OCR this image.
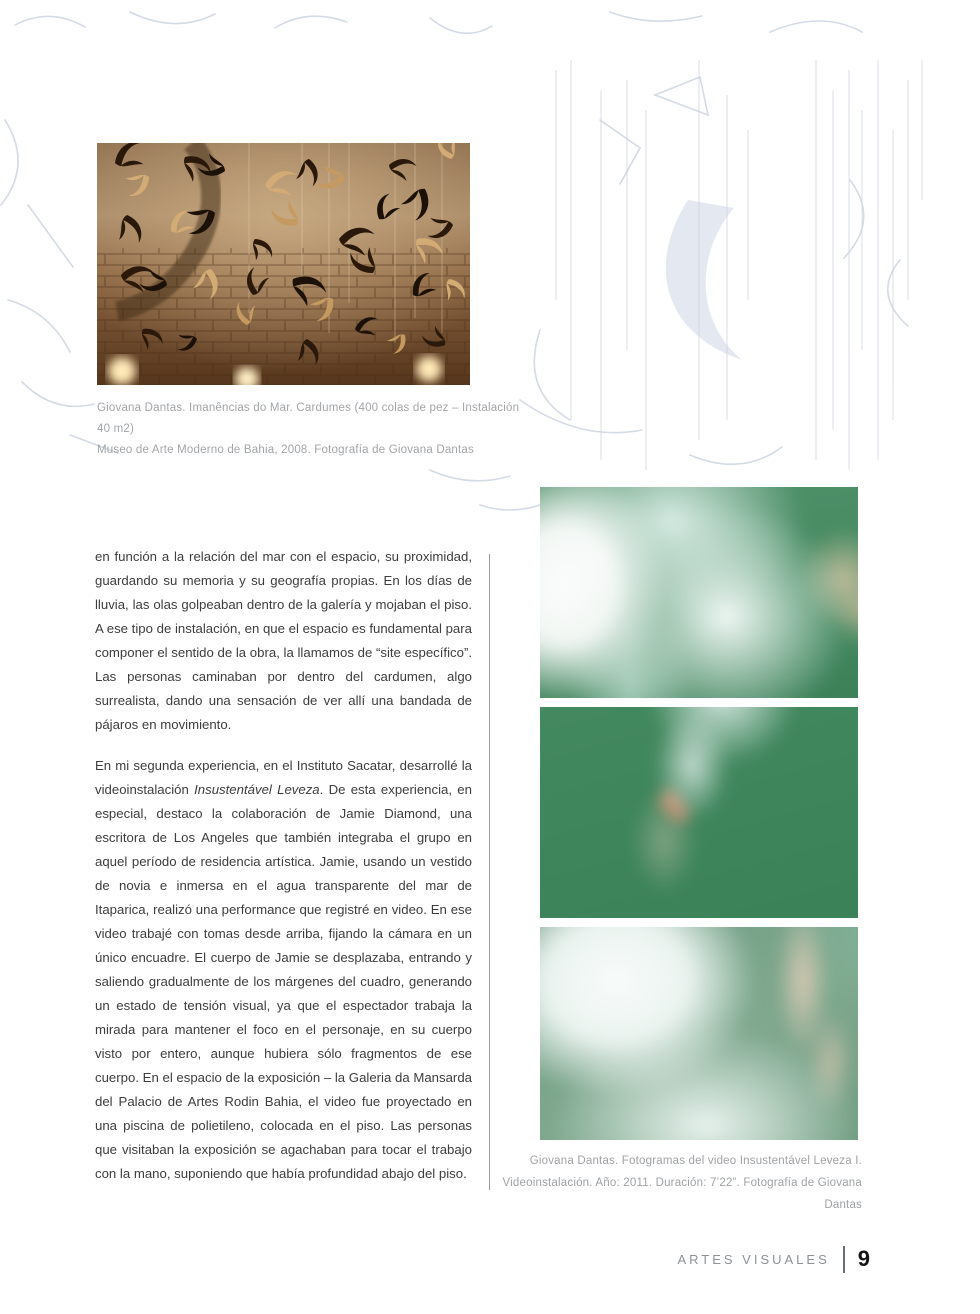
Giovana Dantas. Imanências do Mar. Cardumes (400 colas de pez – Instalación 40 m2)
Museo de Arte Moderno de Bahia, 2008. Fotografía de Giovana Dantas

en función a la relación del mar con el espacio, su proximidad, guardando su memoria y su geografía propias. En los días de lluvia, las olas golpeaban dentro de la galería y mojaban el piso. A ese tipo de instalación, en que el espacio es fundamental para componer el sentido de la obra, la llamamos de “site específico”. Las personas caminaban por dentro del cardumen, algo surrealista, dando una sensación de ver allí una bandada de pájaros en movimiento.

En mi segunda experiencia, en el Instituto Sacatar, desarrollé la videoinstalación Insustentável Leveza. De esta experiencia, en especial, destaco la colaboración de Jamie Diamond, una escritora de Los Angeles que también integraba el grupo en aquel período de residencia artística. Jamie, usando un vestido de novia e inmersa en el agua transparente del mar de Itaparica, realizó una performance que registré en video. En ese video trabajé con tomas desde arriba, fijando la cámara en un único encuadre. El cuerpo de Jamie se desplazaba, entrando y saliendo gradualmente de los márgenes del cuadro, generando un estado de tensión visual, ya que el espectador trabaja la mirada para mantener el foco en el personaje, en su cuerpo visto por entero, aunque hubiera sólo fragmentos de ese cuerpo. En el espacio de la exposición – la Galeria da Mansarda del Palacio de Artes Rodin Bahia, el video fue proyectado en una piscina de polietileno, colocada en el piso. Las personas que visitaban la exposición se agachaban para tocar el trabajo con la mano, suponiendo que había profundidad abajo del piso.

Giovana Dantas. Fotogramas del video Insustentável Leveza I.
Videoinstalación. Año: 2011. Duración: 7’22”. Fotografía de Giovana Dantas
ARTES VISUALES 9
